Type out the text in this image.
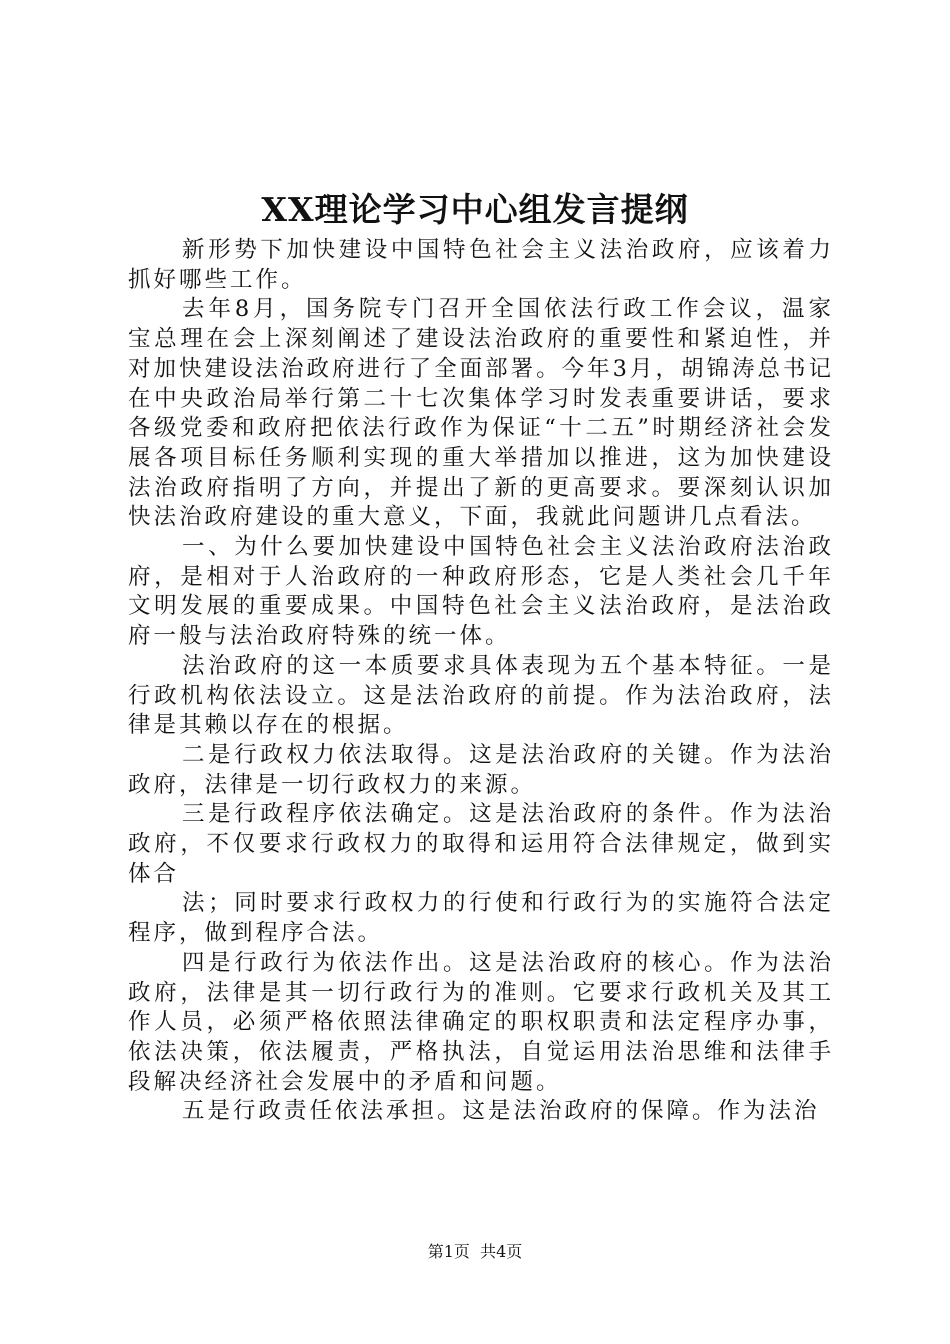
XX理论学习中心组发言提纲

新形势下加快建设中国特色社会主义法治政府，应该着力抓好哪些工作。

去年8月，国务院专门召开全国依法行政工作会议，温家宝总理在会上深刻阐述了建设法治政府的重要性和紧迫性，并对加快建设法治政府进行了全面部署。今年3月，胡锦涛总书记在中央政治局举行第二十七次集体学习时发表重要讲话，要求各级党委和政府把依法行政作为保证“十二五”时期经济社会发展各项目标任务顺利实现的重大举措加以推进，这为加快建设法治政府指明了方向，并提出了新的更高要求。要深刻认识加快法治政府建设的重大意义，下面，我就此问题讲几点看法。

一、为什么要加快建设中国特色社会主义法治政府法治政府，是相对于人治政府的一种政府形态，它是人类社会几千年文明发展的重要成果。中国特色社会主义法治政府，是法治政府一般与法治政府特殊的统一体。

法治政府的这一本质要求具体表现为五个基本特征。一是行政机构依法设立。这是法治政府的前提。作为法治政府，法律是其赖以存在的根据。

二是行政权力依法取得。这是法治政府的关键。作为法治政府，法律是一切行政权力的来源。

三是行政程序依法确定。这是法治政府的条件。作为法治政府，不仅要求行政权力的取得和运用符合法律规定，做到实体合

法；同时要求行政权力的行使和行政行为的实施符合法定程序，做到程序合法。

四是行政行为依法作出。这是法治政府的核心。作为法治政府，法律是其一切行政行为的准则。它要求行政机关及其工作人员，必须严格依照法律确定的职权职责和法定程序办事，依法决策，依法履责，严格执法，自觉运用法治思维和法律手段解决经济社会发展中的矛盾和问题。

五是行政责任依法承担。这是法治政府的保障。作为法治

第1页  共4页
